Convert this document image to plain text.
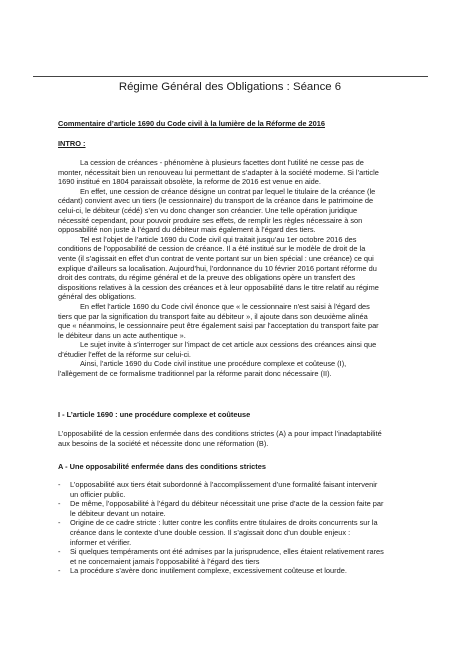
Régime Général des Obligations : Séance 6
Commentaire d’article 1690 du Code civil à la lumière de la Réforme de 2016
INTRO :
La cession de créances - phénomène à plusieurs facettes dont l’utilité ne cesse pas de
monter, nécessitait bien un renouveau lui permettant de s’adapter à la société moderne. Si l’article
1690 institué en 1804 paraissait obsolète, la reforme de 2016 est venue en aide.
En effet, une cession de créance désigne un contrat par lequel le titulaire de la créance (le
cédant) convient avec un tiers (le cessionnaire) du transport de la créance dans le patrimoine de
celui-ci, le débiteur (cédé) s’en vu donc changer son créancier. Une telle opération juridique
nécessité cependant, pour pouvoir produire ses effets, de remplir les règles nécessaire à son
opposabilité non juste à l’égard du débiteur mais également à l’égard des tiers.
Tel est l’objet de l’article 1690 du Code civil qui traitait jusqu’au 1er octobre 2016 des
conditions de l’opposabilité de cession de créance. Il a été institué sur le modèle de droit de la
vente (il s’agissait en effet d’un contrat de vente portant sur un bien spécial : une créance) ce qui
explique d’ailleurs sa localisation. Aujourd’hui, l’ordonnance du 10 février 2016 portant réforme du
droit des contrats, du régime général et de la preuve des obligations opère un transfert des
dispositions relatives à la cession des créances et à leur opposabilité dans le titre relatif au régime
général des obligations.
En effet l’article 1690 du Code civil énonce que « le cessionnaire n'est saisi à l'égard des
tiers que par la signification du transport faite au débiteur », il ajoute dans son deuxième alinéa
que « néanmoins, le cessionnaire peut être également saisi par l'acceptation du transport faite par
le débiteur dans un acte authentique ».
Le sujet invite à s’interroger sur l’impact de cet article aux cessions des créances ainsi que
d’étudier l’effet de la réforme sur celui-ci.
Ainsi, l’article 1690 du Code civil institue une procédure complexe et coûteuse (I),
l’allègement de ce formalisme traditionnel par la réforme parait donc nécessaire (II).
I - L’article 1690 : une procédure complexe et coûteuse
L’opposabilité de la cession enfermée dans des conditions strictes (A) a pour impact l’inadaptabilité
aux besoins de la société et nécessite donc une réformation (B).
A - Une opposabilité enfermée dans des conditions strictes
- L’opposabilité aux tiers était subordonné à l’accomplissement d’une formalité faisant intervenir
un officier public.
- De même, l’opposabilité à l’égard du débiteur nécessitait une prise d’acte de la cession faite par
le débiteur devant un notaire.
- Origine de ce cadre stricte : lutter contre les conflits entre titulaires de droits concurrents sur la
créance dans le contexte d’une double cession. Il s’agissait donc d’un double enjeux :
informer et vérifier.
- Si quelques tempéraments ont été admises par la jurisprudence, elles étaient relativement rares
et ne concernaient jamais l’opposabilité à l’égard des tiers
- La procédure s’avère donc inutilement complexe, excessivement coûteuse et lourde.
